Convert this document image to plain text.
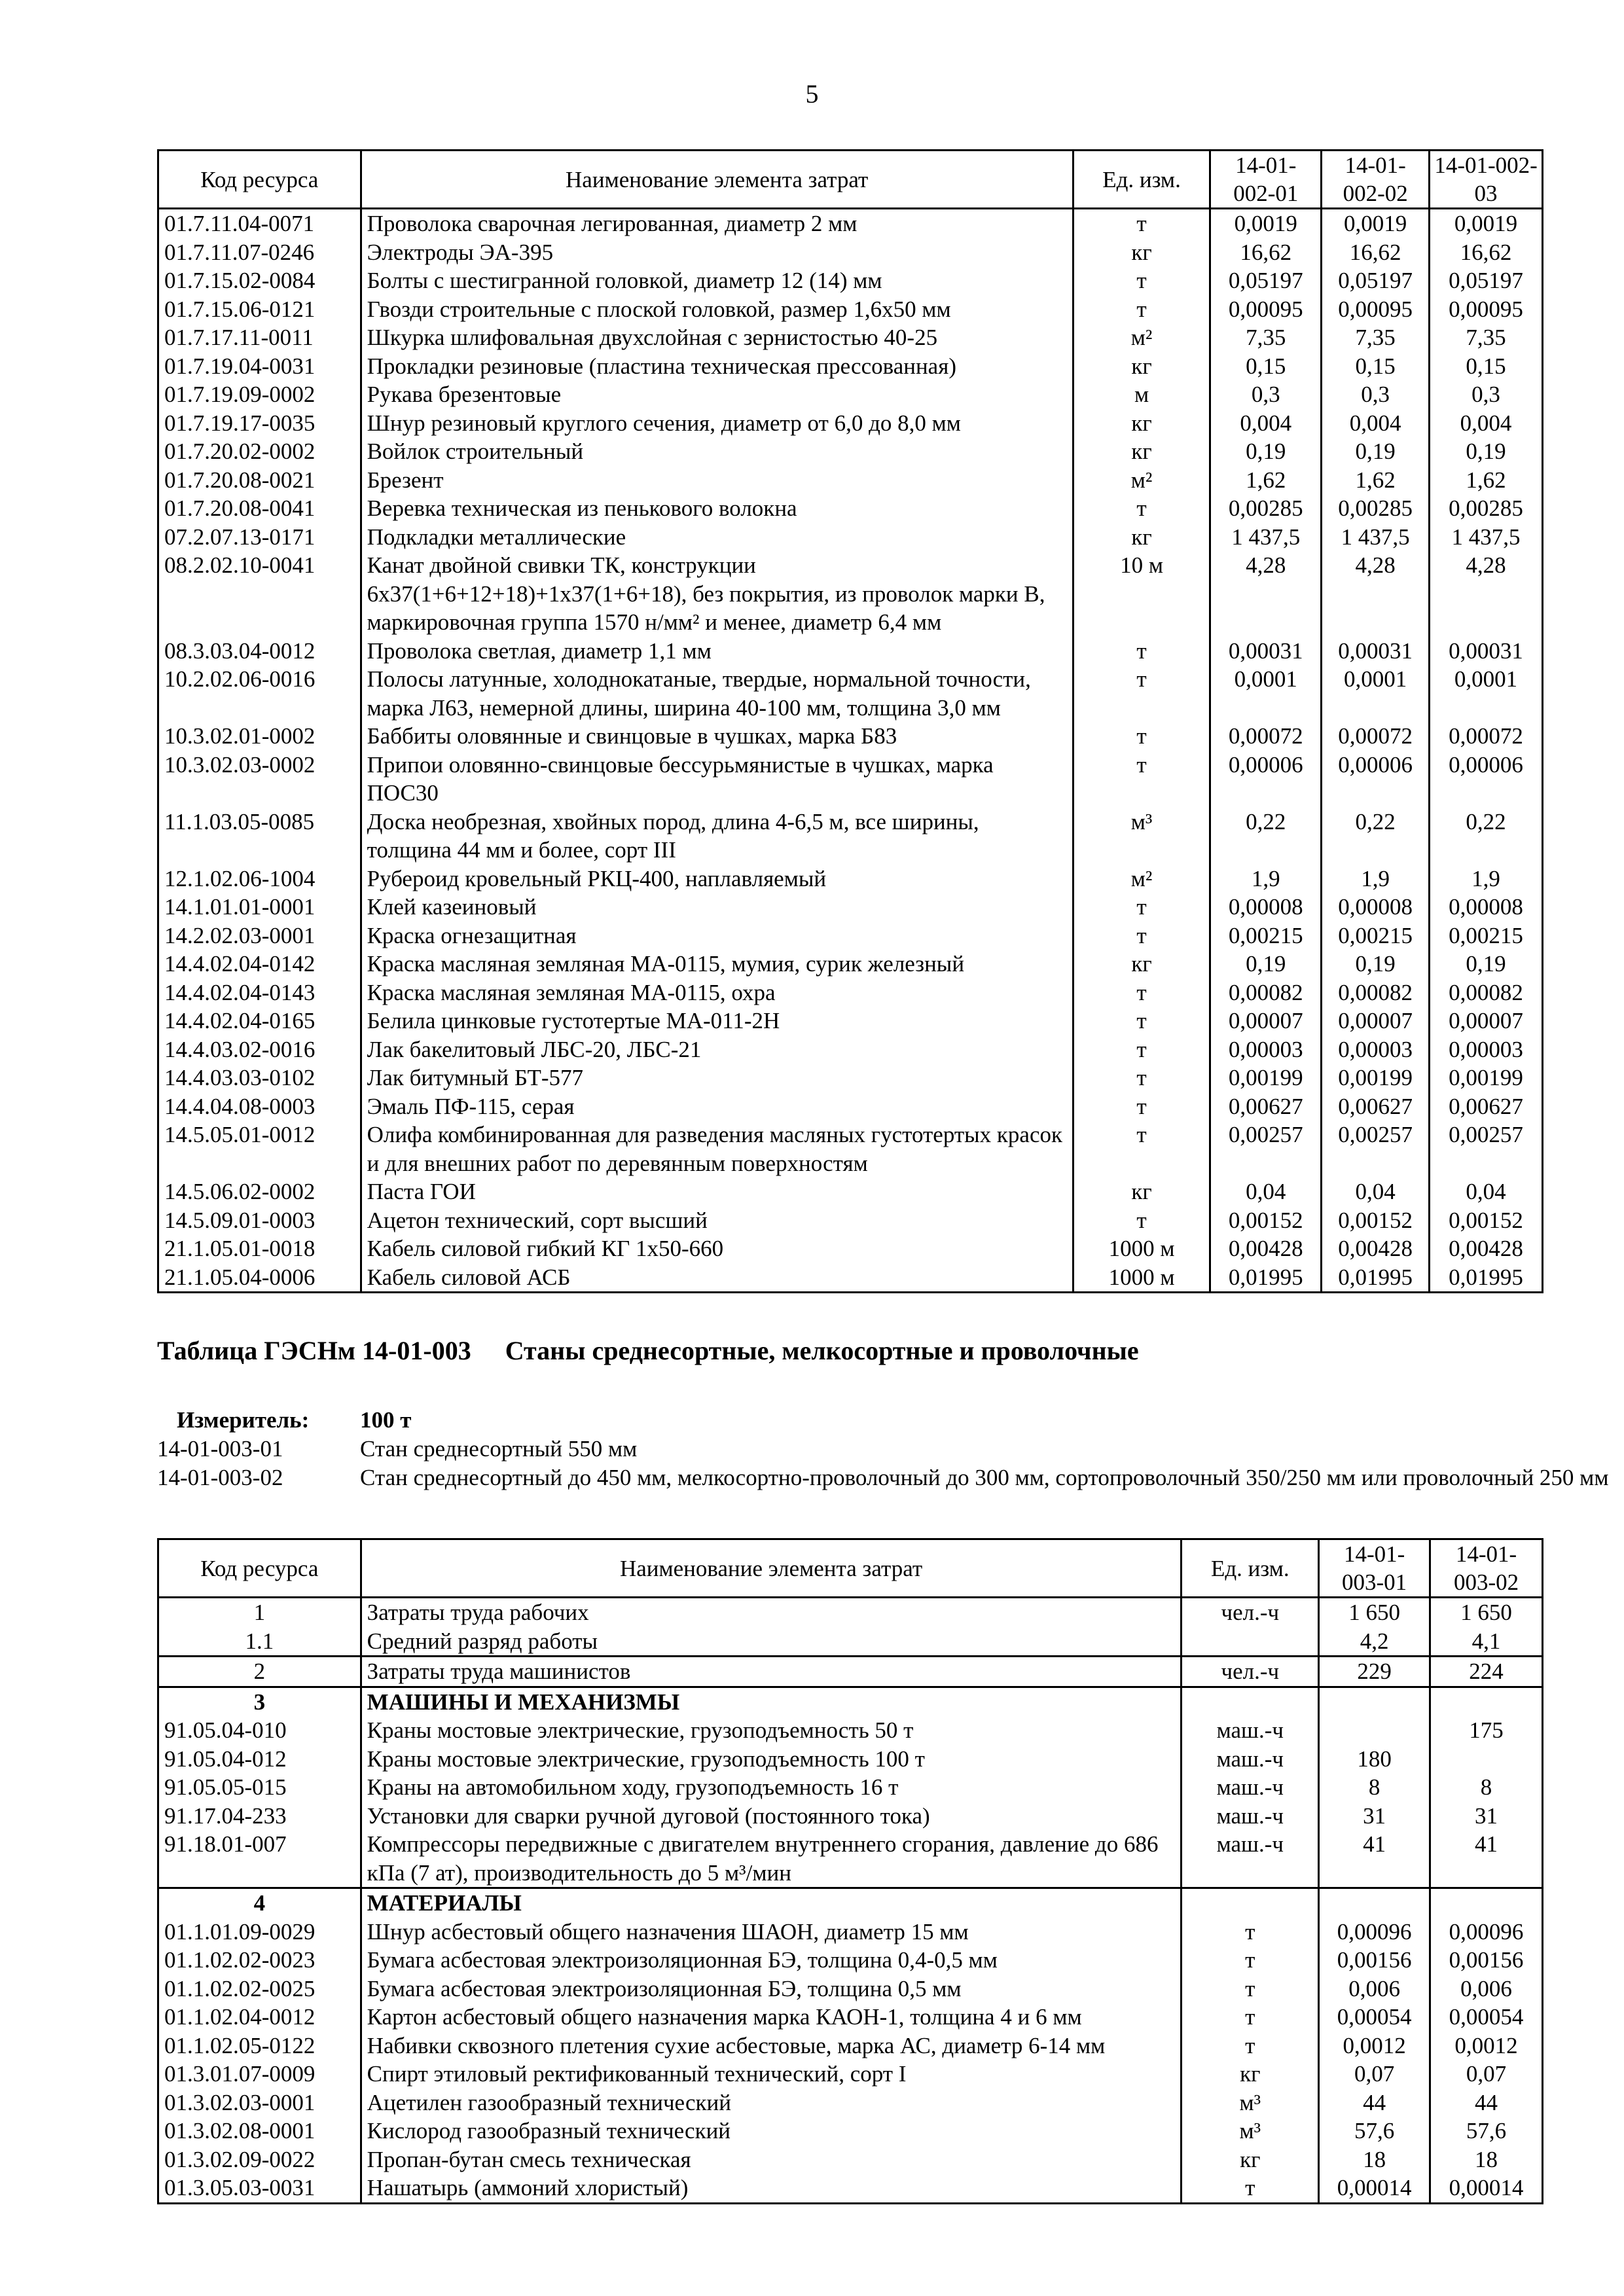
5
Код ресурса	Наименование элемента затрат	Ед. изм.	14-01-002-01	14-01-002-02	14-01-002-03
01.7.11.04-0071	Проволока сварочная легированная, диаметр 2 мм	т	0,0019	0,0019	0,0019
01.7.11.07-0246	Электроды ЭА-395	кг	16,62	16,62	16,62
01.7.15.02-0084	Болты с шестигранной головкой, диаметр 12 (14) мм	т	0,05197	0,05197	0,05197
01.7.15.06-0121	Гвозди строительные с плоской головкой, размер 1,6х50 мм	т	0,00095	0,00095	0,00095
01.7.17.11-0011	Шкурка шлифовальная двухслойная с зернистостью 40-25	м²	7,35	7,35	7,35
01.7.19.04-0031	Прокладки резиновые (пластина техническая прессованная)	кг	0,15	0,15	0,15
01.7.19.09-0002	Рукава брезентовые	м	0,3	0,3	0,3
01.7.19.17-0035	Шнур резиновый круглого сечения, диаметр от 6,0 до 8,0 мм	кг	0,004	0,004	0,004
01.7.20.02-0002	Войлок строительный	кг	0,19	0,19	0,19
01.7.20.08-0021	Брезент	м²	1,62	1,62	1,62
01.7.20.08-0041	Веревка техническая из пенькового волокна	т	0,00285	0,00285	0,00285
07.2.07.13-0171	Подкладки металлические	кг	1 437,5	1 437,5	1 437,5
08.2.02.10-0041	Канат двойной свивки ТК, конструкции 6х37(1+6+12+18)+1х37(1+6+18), без покрытия, из проволок марки В, маркировочная группа 1570 н/мм² и менее, диаметр 6,4 мм	10 м	4,28	4,28	4,28
08.3.03.04-0012	Проволока светлая, диаметр 1,1 мм	т	0,00031	0,00031	0,00031
10.2.02.06-0016	Полосы латунные, холоднокатаные, твердые, нормальной точности, марка Л63, немерной длины, ширина 40-100 мм, толщина 3,0 мм	т	0,0001	0,0001	0,0001
10.3.02.01-0002	Баббиты оловянные и свинцовые в чушках, марка Б83	т	0,00072	0,00072	0,00072
10.3.02.03-0002	Припои оловянно-свинцовые бессурьмянистые в чушках, марка ПОС30	т	0,00006	0,00006	0,00006
11.1.03.05-0085	Доска необрезная, хвойных пород, длина 4-6,5 м, все ширины, толщина 44 мм и более, сорт III	м³	0,22	0,22	0,22
12.1.02.06-1004	Рубероид кровельный РКЦ-400, наплавляемый	м²	1,9	1,9	1,9
14.1.01.01-0001	Клей казеиновый	т	0,00008	0,00008	0,00008
14.2.02.03-0001	Краска огнезащитная	т	0,00215	0,00215	0,00215
14.4.02.04-0142	Краска масляная земляная МА-0115, мумия, сурик железный	кг	0,19	0,19	0,19
14.4.02.04-0143	Краска масляная земляная МА-0115, охра	т	0,00082	0,00082	0,00082
14.4.02.04-0165	Белила цинковые густотертые МА-011-2Н	т	0,00007	0,00007	0,00007
14.4.03.02-0016	Лак бакелитовый ЛБС-20, ЛБС-21	т	0,00003	0,00003	0,00003
14.4.03.03-0102	Лак битумный БТ-577	т	0,00199	0,00199	0,00199
14.4.04.08-0003	Эмаль ПФ-115, серая	т	0,00627	0,00627	0,00627
14.5.05.01-0012	Олифа комбинированная для разведения масляных густотертых красок и для внешних работ по деревянным поверхностям	т	0,00257	0,00257	0,00257
14.5.06.02-0002	Паста ГОИ	кг	0,04	0,04	0,04
14.5.09.01-0003	Ацетон технический, сорт высший	т	0,00152	0,00152	0,00152
21.1.05.01-0018	Кабель силовой гибкий КГ 1х50-660	1000 м	0,00428	0,00428	0,00428
21.1.05.04-0006	Кабель силовой АСБ	1000 м	0,01995	0,01995	0,01995
Таблица ГЭСНм 14-01-003 Станы среднесортные, мелкосортные и проволочные
Измеритель: 100 т
14-01-003-01	Стан среднесортный 550 мм
14-01-003-02	Стан среднесортный до 450 мм, мелкосортно-проволочный до 300 мм, сортопроволочный 350/250 мм или проволочный 250 мм
Код ресурса	Наименование элемента затрат	Ед. изм.	14-01-003-01	14-01-003-02
1	Затраты труда рабочих	чел.-ч	1 650	1 650
1.1	Средний разряд работы		4,2	4,1
2	Затраты труда машинистов	чел.-ч	229	224
3	МАШИНЫ И МЕХАНИЗМЫ			
91.05.04-010	Краны мостовые электрические, грузоподъемность 50 т	маш.-ч		175
91.05.04-012	Краны мостовые электрические, грузоподъемность 100 т	маш.-ч	180	
91.05.05-015	Краны на автомобильном ходу, грузоподъемность 16 т	маш.-ч	8	8
91.17.04-233	Установки для сварки ручной дуговой (постоянного тока)	маш.-ч	31	31
91.18.01-007	Компрессоры передвижные с двигателем внутреннего сгорания, давление до 686 кПа (7 ат), производительность до 5 м³/мин	маш.-ч	41	41
4	МАТЕРИАЛЫ			
01.1.01.09-0029	Шнур асбестовый общего назначения ШАОН, диаметр 15 мм	т	0,00096	0,00096
01.1.02.02-0023	Бумага асбестовая электроизоляционная БЭ, толщина 0,4-0,5 мм	т	0,00156	0,00156
01.1.02.02-0025	Бумага асбестовая электроизоляционная БЭ, толщина 0,5 мм	т	0,006	0,006
01.1.02.04-0012	Картон асбестовый общего назначения марка КАОН-1, толщина 4 и 6 мм	т	0,00054	0,00054
01.1.02.05-0122	Набивки сквозного плетения сухие асбестовые, марка АС, диаметр 6-14 мм	т	0,0012	0,0012
01.3.01.07-0009	Спирт этиловый ректификованный технический, сорт I	кг	0,07	0,07
01.3.02.03-0001	Ацетилен газообразный технический	м³	44	44
01.3.02.08-0001	Кислород газообразный технический	м³	57,6	57,6
01.3.02.09-0022	Пропан-бутан смесь техническая	кг	18	18
01.3.05.03-0031	Нашатырь (аммоний хлористый)	т	0,00014	0,00014
